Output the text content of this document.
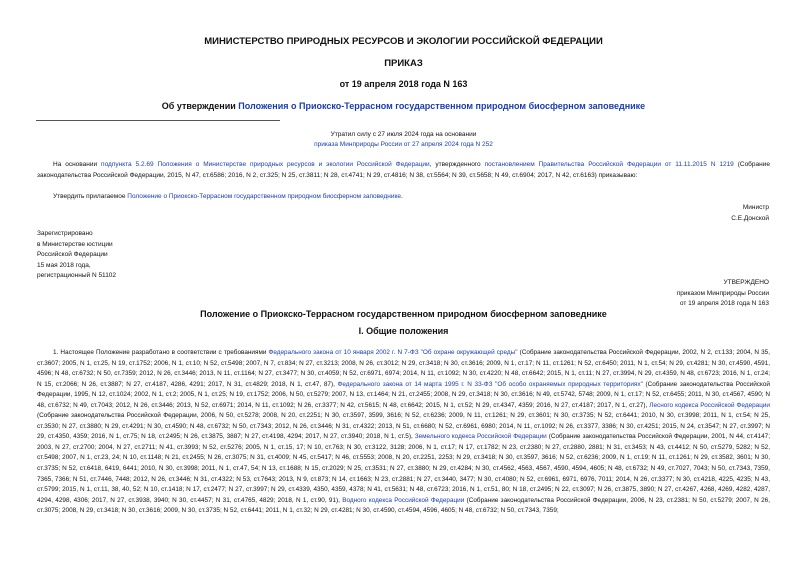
МИНИСТЕРСТВО ПРИРОДНЫХ РЕСУРСОВ И ЭКОЛОГИИ РОССИЙСКОЙ ФЕДЕРАЦИИ
ПРИКАЗ
от 19 апреля 2018 года N 163
Об утверждении Положения о Приокско-Террасном государственном природном биосферном заповеднике
Утратил силу с 27 июля 2024 года на основании
приказа Минприроды России от 27 апреля 2024 года N 252
На основании подпункта 5.2.69 Положения о Министерстве природных ресурсов и экологии Российской Федерации, утвержденного постановлением Правительства Российской Федерации от 11.11.2015 N 1219 (Собрание законодательства Российской Федерации, 2015, N 47, ст.6586; 2016, N 2, ст.325; N 25, ст.3811; N 28, ст.4741; N 29, ст.4816; N 38, ст.5564; N 39, ст.5658; N 49, ст.6904; 2017, N 42, ст.6163) приказываю:
Утвердить прилагаемое Положение о Приокско-Террасном государственном природном биосферном заповеднике.
Министр
С.Е.Донской
Зарегистрировано
в Министерстве юстиции
Российской Федерации
15 мая 2018 года,
регистрационный N 51102
УТВЕРЖДЕНО
приказом Минприроды России
от 19 апреля 2018 года N 163
Положение о Приокско-Террасном государственном природном биосферном заповеднике
I. Общие положения
1. Настоящее Положение разработано в соответствии с требованиями Федерального закона от 10 января 2002 г. N 7-ФЗ "Об охране окружающей среды" (Собрание законодательства Российской Федерации, 2002, N 2, ст.133; 2004, N 35, ст.3607; 2005, N 1, ст.25, N 19, ст.1752; 2006, N 1, ст.10; N 52, ст.5498; 2007, N 7, ст.834; N 27, ст.3213; 2008, N 26, ст.3012; N 29, ст.3418; N 30, ст.3616; 2009, N 1, ст.17; N 11, ст.1261; N 52, ст.6450; 2011, N 1, ст.54; N 29, ст.4281; N 30, ст.4590, 4591, 4596; N 48, ст.6732; N 50, ст.7359; 2012, N 26, ст.3446; 2013, N 11, ст.1164; N 27, ст.3477; N 30, ст.4059; N 52, ст.6971, 6974; 2014, N 11, ст.1092; N 30, ст.4220; N 48, ст.6642; 2015, N 1, ст.11; N 27, ст.3994, N 29, ст.4359, N 48, ст.6723; 2016, N 1, ст.24; N 15, ст.2066; N 26, ст.3887; N 27, ст.4187, 4286, 4291; 2017, N 31, ст.4829; 2018, N 1, ст.47, 87), Федерального закона от 14 марта 1995 г. N 33-ФЗ "Об особо охраняемых природных территориях" (Собрание законодательства Российской Федерации, 1995, N 12, ст.1024; 2002, N 1, ст.2; 2005, N 1, ст.25; N 19, ст.1752; 2006, N 50, ст.5279; 2007, N 13, ст.1464; N 21, ст.2455; 2008, N 29, ст.3418; N 30, ст.3616; N 49, ст.5742, 5748; 2009, N 1, ст.17; N 52, ст.6455; 2011, N 30, ст.4567, 4590; N 48, ст.6732; N 49, ст.7043; 2012, N 26, ст.3446; 2013, N 52, ст.6971; 2014, N 11, ст.1092; N 26, ст.3377; N 42, ст.5615; N 48, ст.6642; 2015, N 1, ст.52; N 29, ст.4347, 4359; 2016, N 27, ст.4187; 2017, N 1, ст.27), Лесного кодекса Российской Федерации (Собрание законодательства Российской Федерации, 2006, N 50, ст.5278; 2008, N 20, ст.2251; N 30, ст.3597, 3599, 3616; N 52, ст.6236; 2009, N 11, ст.1261; N 29, ст.3601; N 30, ст.3735; N 52, ст.6441; 2010, N 30, ст.3998; 2011, N 1, ст.54; N 25, ст.3530; N 27, ст.3880; N 29, ст.4291; N 30, ст.4590; N 48, ст.6732; N 50, ст.7343; 2012, N 26, ст.3446; N 31, ст.4322; 2013, N 51, ст.6680; N 52, ст.6961, 6980; 2014, N 11, ст.1092; N 26, ст.3377, 3386; N 30, ст.4251; 2015, N 24, ст.3547; N 27, ст.3997; N 29, ст.4350, 4359; 2016, N 1, ст.75; N 18, ст.2495; N 26, ст.3875, 3887; N 27, ст.4198, 4294; 2017, N 27, ст.3940; 2018, N 1, ст.5), Земельного кодекса Российской Федерации (Собрание законодательства Российской Федерации, 2001, N 44, ст.4147; 2003, N 27, ст.2700; 2004, N 27, ст.2711; N 41, ст.3993; N 52, ст.5276; 2005, N 1, ст.15, 17; N 10, ст.763; N 30, ст.3122, 3128; 2006, N 1, ст.17; N 17, ст.1782; N 23, ст.2380; N 27, ст.2880, 2881; N 31, ст.3453; N 43, ст.4412; N 50, ст.5279, 5282; N 52, ст.5498; 2007, N 1, ст.23, 24; N 10, ст.1148; N 21, ст.2455; N 26, ст.3075; N 31, ст.4009; N 45, ст.5417; N 46, ст.5553; 2008, N 20, ст.2251, 2253; N 29, ст.3418; N 30, ст.3597, 3616; N 52, ст.6236; 2009, N 1, ст.19; N 11, ст.1261; N 29, ст.3582, 3601; N 30, ст.3735; N 52, ст.6418, 6419, 6441; 2010, N 30, ст.3998; 2011, N 1, ст.47, 54; N 13, ст.1688; N 15, ст.2029; N 25, ст.3531; N 27, ст.3880; N 29, ст.4284; N 30, ст.4562, 4563, 4567, 4590, 4594, 4605; N 48, ст.6732; N 49, ст.7027, 7043; N 50, ст.7343, 7359, 7365, 7366; N 51, ст.7446, 7448; 2012, N 26, ст.3446; N 31, ст.4322; N 53, ст.7643; 2013, N 9, ст.873; N 14, ст.1663; N 23, ст.2881; N 27, ст.3440, 3477; N 30, ст.4080; N 52, ст.6961, 6971, 6976, 7011; 2014, N 26, ст.3377; N 30, ст.4218, 4225, 4235; N 43, ст.5799; 2015, N 1, ст.11, 38, 40, 52; N 10, ст.1418; N 17, ст.2477; N 27, ст.3997; N 29, ст.4339, 4350, 4359, 4378; N 41, ст.5631; N 48, ст.6723; 2016, N 1, ст.51, 80; N 18, ст.2495; N 22, ст.3097; N 26, ст.3875, 3890; N 27, ст.4267, 4268, 4269, 4282, 4287, 4294, 4298, 4306; 2017, N 27, ст.3938, 3940; N 30, ст.4457; N 31, ст.4765, 4829; 2018, N 1, ст.90, 91), Водного кодекса Российской Федерации (Собрание законодательства Российской Федерации, 2006, N 23, ст.2381; N 50, ст.5279; 2007, N 26, ст.3075; 2008, N 29, ст.3418; N 30, ст.3616; 2009, N 30, ст.3735; N 52, ст.6441; 2011, N 1, ст.32; N 29, ст.4281; N 30, ст.4590, ст.4594, 4596, 4605; N 48, ст.6732; N 50, ст.7343, 7359;
